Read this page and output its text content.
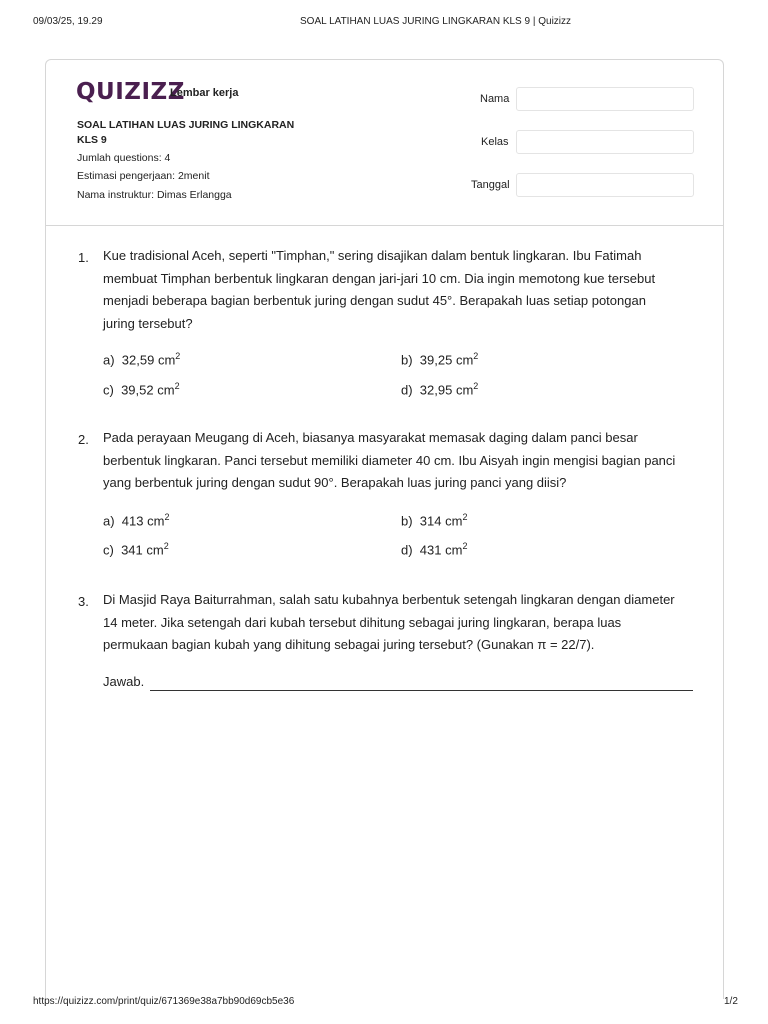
09/03/25, 19.29	SOAL LATIHAN LUAS JURING LINGKARAN KLS 9 | Quizizz
QUIZIZZ
Lembar kerja
SOAL LATIHAN LUAS JURING LINGKARAN
KLS 9
Jumlah questions: 4
Estimasi pengerjaan: 2menit
Nama instruktur: Dimas Erlangga
Nama
Kelas
Tanggal
1. Kue tradisional Aceh, seperti "Timphan," sering disajikan dalam bentuk lingkaran. Ibu Fatimah
membuat Timphan berbentuk lingkaran dengan jari-jari 10 cm. Dia ingin memotong kue tersebut
menjadi beberapa bagian berbentuk juring dengan sudut 45°. Berapakah luas setiap potongan
juring tersebut?
a) 32,59 $cm^2$	b) 39,25 $cm^2$
c) 39,52 $cm^2$	d) 32,95 $cm^2$
2. Pada perayaan Meugang di Aceh, biasanya masyarakat memasak daging dalam panci besar
berbentuk lingkaran. Panci tersebut memiliki diameter 40 cm. Ibu Aisyah ingin mengisi bagian panci
yang berbentuk juring dengan sudut 90°. Berapakah luas juring panci yang diisi?
a) 413 $cm^2$	b) 314 $cm^2$
c) 341 $cm^2$	d) 431 $cm^2$
3. Di Masjid Raya Baiturrahman, salah satu kubahnya berbentuk setengah lingkaran dengan diameter
14 meter. Jika setengah dari kubah tersebut dihitung sebagai juring lingkaran, berapa luas
permukaan bagian kubah yang dihitung sebagai juring tersebut? (Gunakan π = 22/7).
Jawab.
https://quizizz.com/print/quiz/671369e38a7bb90d69cb5e36	1/2
